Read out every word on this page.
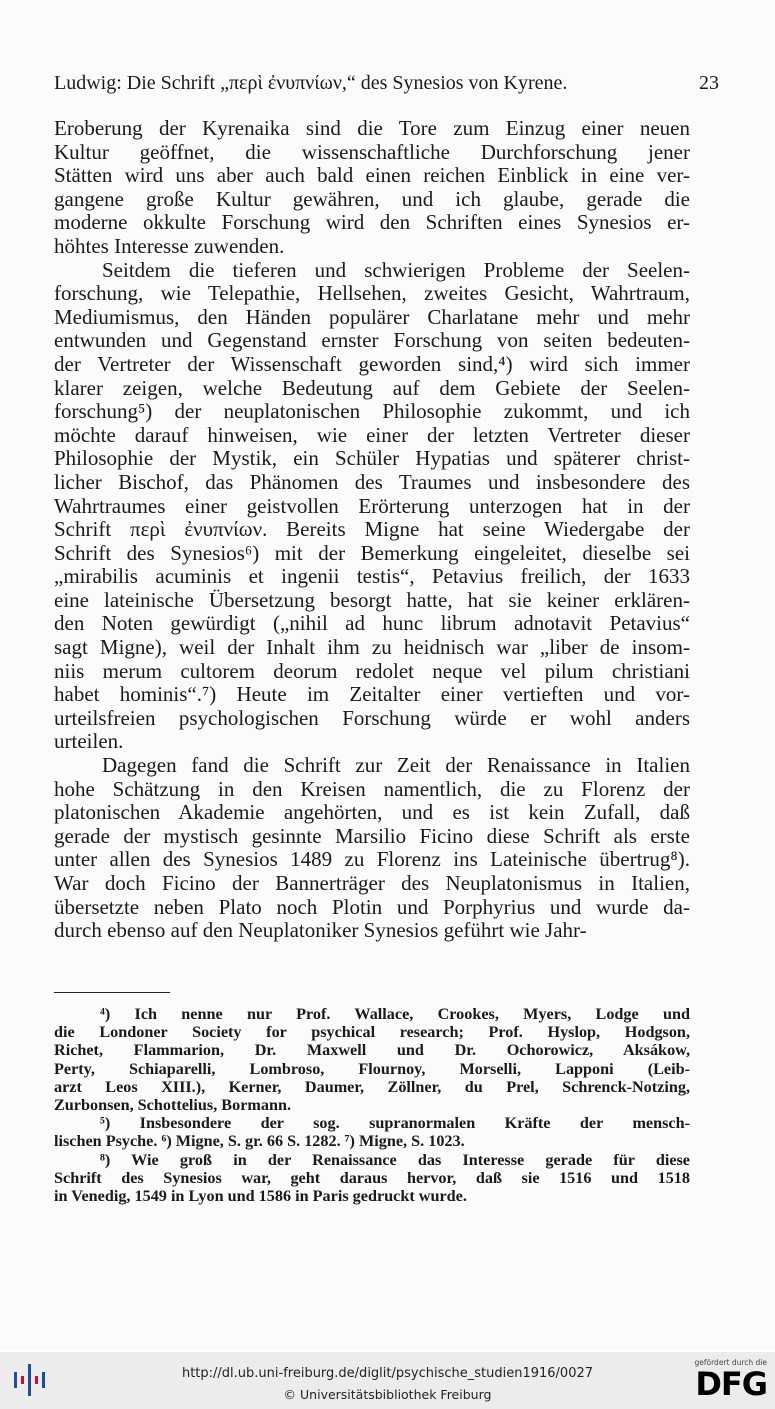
Ludwig: Die Schrift „περὶ ἐνυπνίων,“ des Synesios von Kyrene.	23
Eroberung der Kyrenaika sind die Tore zum Einzug einer neuen
Kultur geöffnet, die wissenschaftliche Durchforschung jener
Stätten wird uns aber auch bald einen reichen Einblick in eine ver-
gangene große Kultur gewähren, und ich glaube, gerade die
moderne okkulte Forschung wird den Schriften eines Synesios er-
höhtes Interesse zuwenden.
Seitdem die tieferen und schwierigen Probleme der Seelen-
forschung, wie Telepathie, Hellsehen, zweites Gesicht, Wahrtraum,
Mediumismus, den Händen populärer Charlatane mehr und mehr
entwunden und Gegenstand ernster Forschung von seiten bedeuten-
der Vertreter der Wissenschaft geworden sind,⁴) wird sich immer
klarer zeigen, welche Bedeutung auf dem Gebiete der Seelen-
forschung⁵) der neuplatonischen Philosophie zukommt, und ich
möchte darauf hinweisen, wie einer der letzten Vertreter dieser
Philosophie der Mystik, ein Schüler Hypatias und späterer christ-
licher Bischof, das Phänomen des Traumes und insbesondere des
Wahrtraumes einer geistvollen Erörterung unterzogen hat in der
Schrift περὶ ἐνυπνίων. Bereits Migne hat seine Wiedergabe der
Schrift des Synesios⁶) mit der Bemerkung eingeleitet, dieselbe sei
„mirabilis acuminis et ingenii testis“, Petavius freilich, der 1633
eine lateinische Übersetzung besorgt hatte, hat sie keiner erklären-
den Noten gewürdigt („nihil ad hunc librum adnotavit Petavius“
sagt Migne), weil der Inhalt ihm zu heidnisch war „liber de insom-
niis merum cultorem deorum redolet neque vel pilum christiani
habet hominis“.⁷) Heute im Zeitalter einer vertieften und vor-
urteilsfreien psychologischen Forschung würde er wohl anders
urteilen.
Dagegen fand die Schrift zur Zeit der Renaissance in Italien
hohe Schätzung in den Kreisen namentlich, die zu Florenz der
platonischen Akademie angehörten, und es ist kein Zufall, daß
gerade der mystisch gesinnte Marsilio Ficino diese Schrift als erste
unter allen des Synesios 1489 zu Florenz ins Lateinische übertrug⁸).
War doch Ficino der Bannerträger des Neuplatonismus in Italien,
übersetzte neben Plato noch Plotin und Porphyrius und wurde da-
durch ebenso auf den Neuplatoniker Synesios geführt wie Jahr-
⁴) Ich nenne nur Prof. Wallace, Crookes, Myers, Lodge und
die Londoner Society for psychical research; Prof. Hyslop, Hodgson,
Richet, Flammarion, Dr. Maxwell und Dr. Ochorowicz, Aksákow,
Perty, Schiaparelli, Lombroso, Flournoy, Morselli, Lapponi (Leib-
arzt Leos XIII.), Kerner, Daumer, Zöllner, du Prel, Schrenck-Notzing,
Zurbonsen, Schottelius, Bormann.
⁵) Insbesondere der sog. supranormalen Kräfte der mensch-
lischen Psyche. ⁶) Migne, S. gr. 66 S. 1282. ⁷) Migne, S. 1023.
⁸) Wie groß in der Renaissance das Interesse gerade für diese
Schrift des Synesios war, geht daraus hervor, daß sie 1516 und 1518
in Venedig, 1549 in Lyon und 1586 in Paris gedruckt wurde.
http://dl.ub.uni-freiburg.de/diglit/psychische_studien1916/0027
© Universitätsbibliothek Freiburg
gefördert durch die
DFG
